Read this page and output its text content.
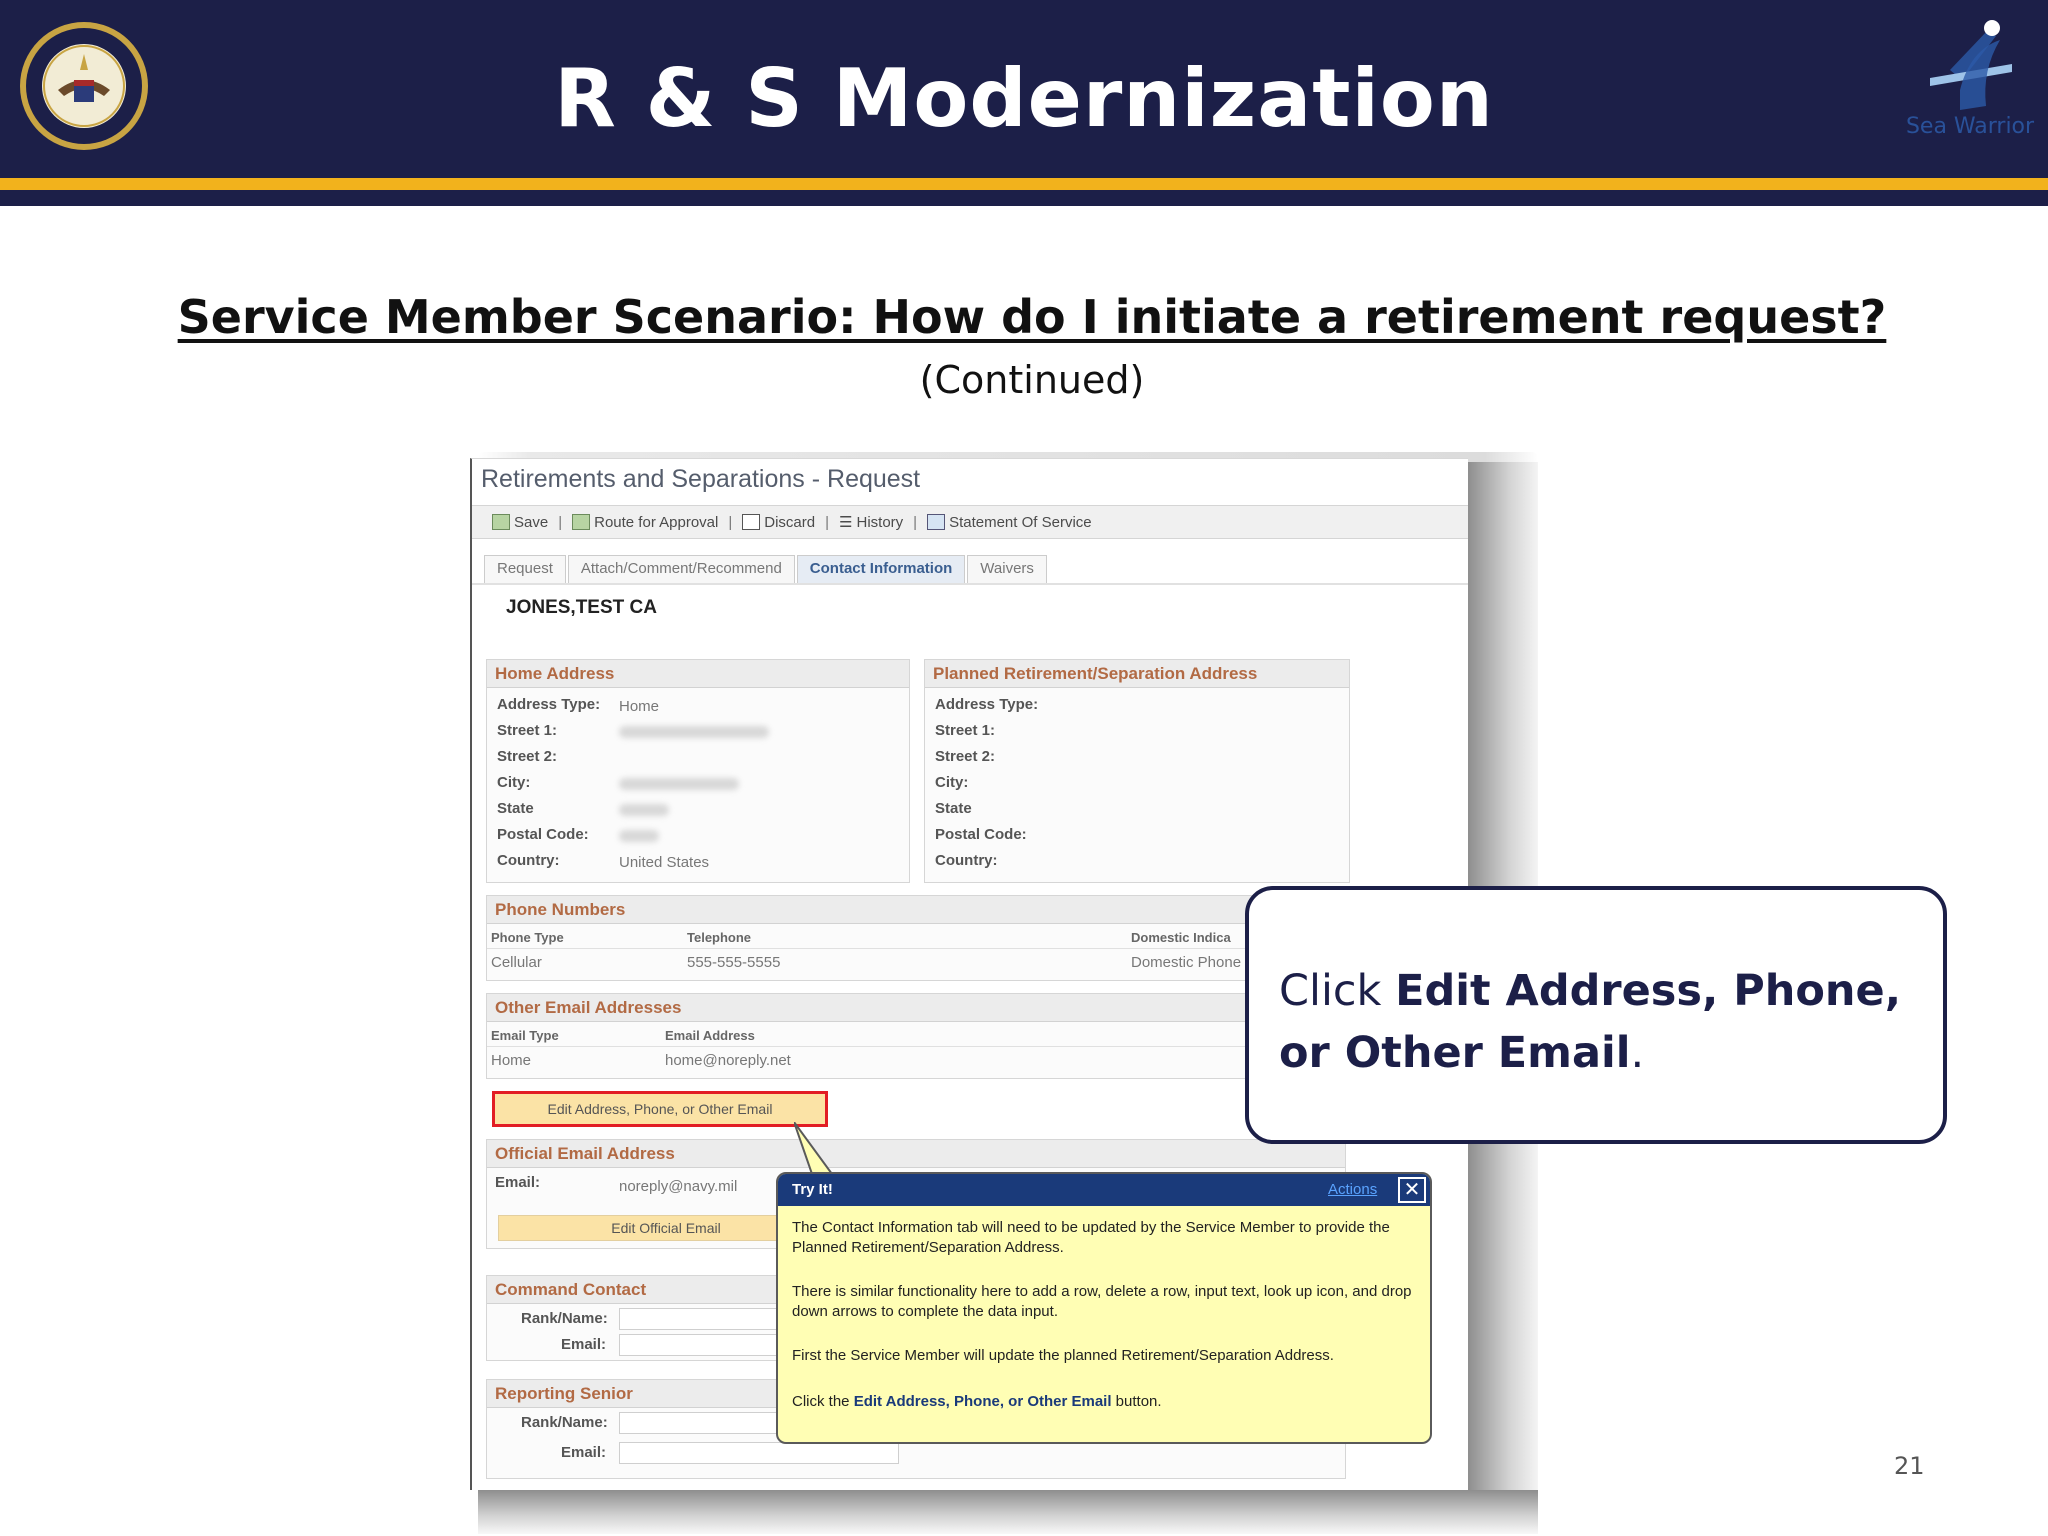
R & S Modernization	Sea Warrior
Service Member Scenario: How do I initiate a retirement request?
(Continued)
Retirements and Separations - Request
Save | Route for Approval | Discard | ☰ History | Statement Of Service
Request	Attach/Comment/Recommend	Contact Information	Waivers
JONES,TEST CA
Home Address
Address Type: Home
Street 1:
Street 2:
City:
State
Postal Code:
Country:	United States
Planned Retirement/Separation Address
Address Type:
Street 1:
Street 2:
City:
State
Postal Code:
Country:
Phone Numbers
Phone Type	Telephone	Domestic Indica
Cellular	555-555-5555	Domestic Phone
Other Email Addresses
Email Type	Email Address
Home	home@noreply.net
Edit Address, Phone, or Other Email
Official Email Address
Email:	noreply@navy.mil
Edit Official Email
Command Contact
Rank/Name:
Email:
Reporting Senior
Rank/Name:
Email:
Try It!	Actions ✕
The Contact Information tab will need to be updated by the Service Member to provide the Planned Retirement/Separation Address.
There is similar functionality here to add a row, delete a row, input text, look up icon, and drop down arrows to complete the data input.
First the Service Member will update the planned Retirement/Separation Address.
Click the Edit Address, Phone, or Other Email button.
Click Edit Address, Phone, or Other Email.
21
